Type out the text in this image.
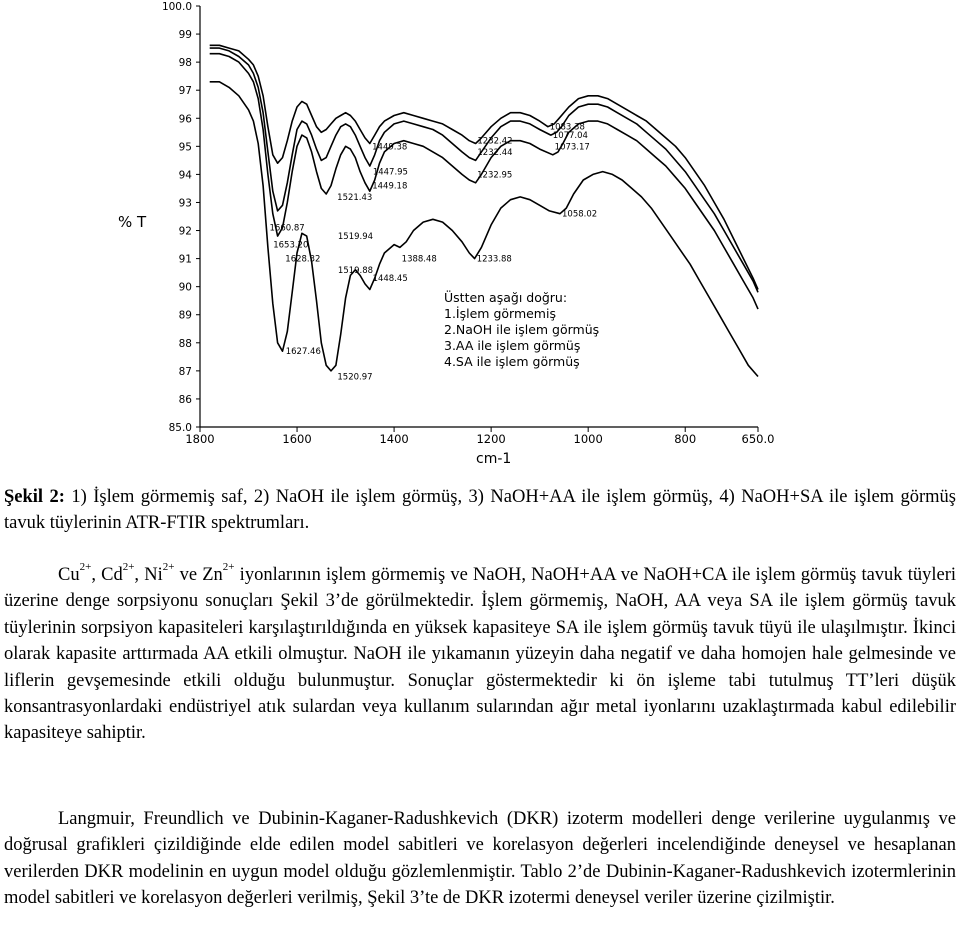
100.0
99
98
97
96
95
94
93
92
91
90
89
88
87
86
85.0
1800	1600	1400	1200	1000	800	650.0
% T
cm-1
1660.87
1653.20
1628.32
1627.46
1521.43
1519.94
1519.88
1520.97
1449.38
1447.95
1449.18
1448.45
1388.48	1233.88
1232.95
1232.44
1232.42
1083.38
1077.04
1073.17
1058.02
Üstten aşağı doğru:
1.İşlem görmemiş
2.NaOH ile işlem görmüş
3.AA ile işlem görmüş
4.SA ile işlem görmüş
Şekil 2: 1) İşlem görmemiş saf, 2) NaOH ile işlem görmüş, 3) NaOH+AA ile işlem görmüş, 4) NaOH+SA ile işlem görmüş tavuk tüylerinin ATR-FTIR spektrumları.

$Cu^{2+}$, $Cd^{2+}$, $Ni^{2+}$ ve $Zn^{2+}$ iyonlarının işlem görmemiş ve NaOH, NaOH+AA ve NaOH+CA ile işlem görmüş tavuk tüyleri üzerine denge sorpsiyonu sonuçları Şekil 3’de görülmektedir. İşlem görmemiş, NaOH, AA veya SA ile işlem görmüş tavuk tüylerinin sorpsiyon kapasiteleri karşılaştırıldığında en yüksek kapasiteye SA ile işlem görmüş tavuk tüyü ile ulaşılmıştır. İkinci olarak kapasite arttırmada AA etkili olmuştur. NaOH ile yıkamanın yüzeyin daha negatif ve daha homojen hale gelmesinde ve liflerin gevşemesinde etkili olduğu bulunmuştur. Sonuçlar göstermektedir ki ön işleme tabi tutulmuş TT’leri düşük konsantrasyonlardaki endüstriyel atık sulardan veya kullanım sularından ağır metal iyonlarını uzaklaştırmada kabul edilebilir kapasiteye sahiptir.

Langmuir, Freundlich ve Dubinin-Kaganer-Radushkevich (DKR) izoterm modelleri denge verilerine uygulanmış ve doğrusal grafikleri çizildiğinde elde edilen model sabitleri ve korelasyon değerleri incelendiğinde deneysel ve hesaplanan verilerden DKR modelinin en uygun model olduğu gözlemlenmiştir. Tablo 2’de Dubinin-Kaganer-Radushkevich izotermlerinin model sabitleri ve korelasyon değerleri verilmiş, Şekil 3’te de DKR izotermi deneysel veriler üzerine çizilmiştir.
